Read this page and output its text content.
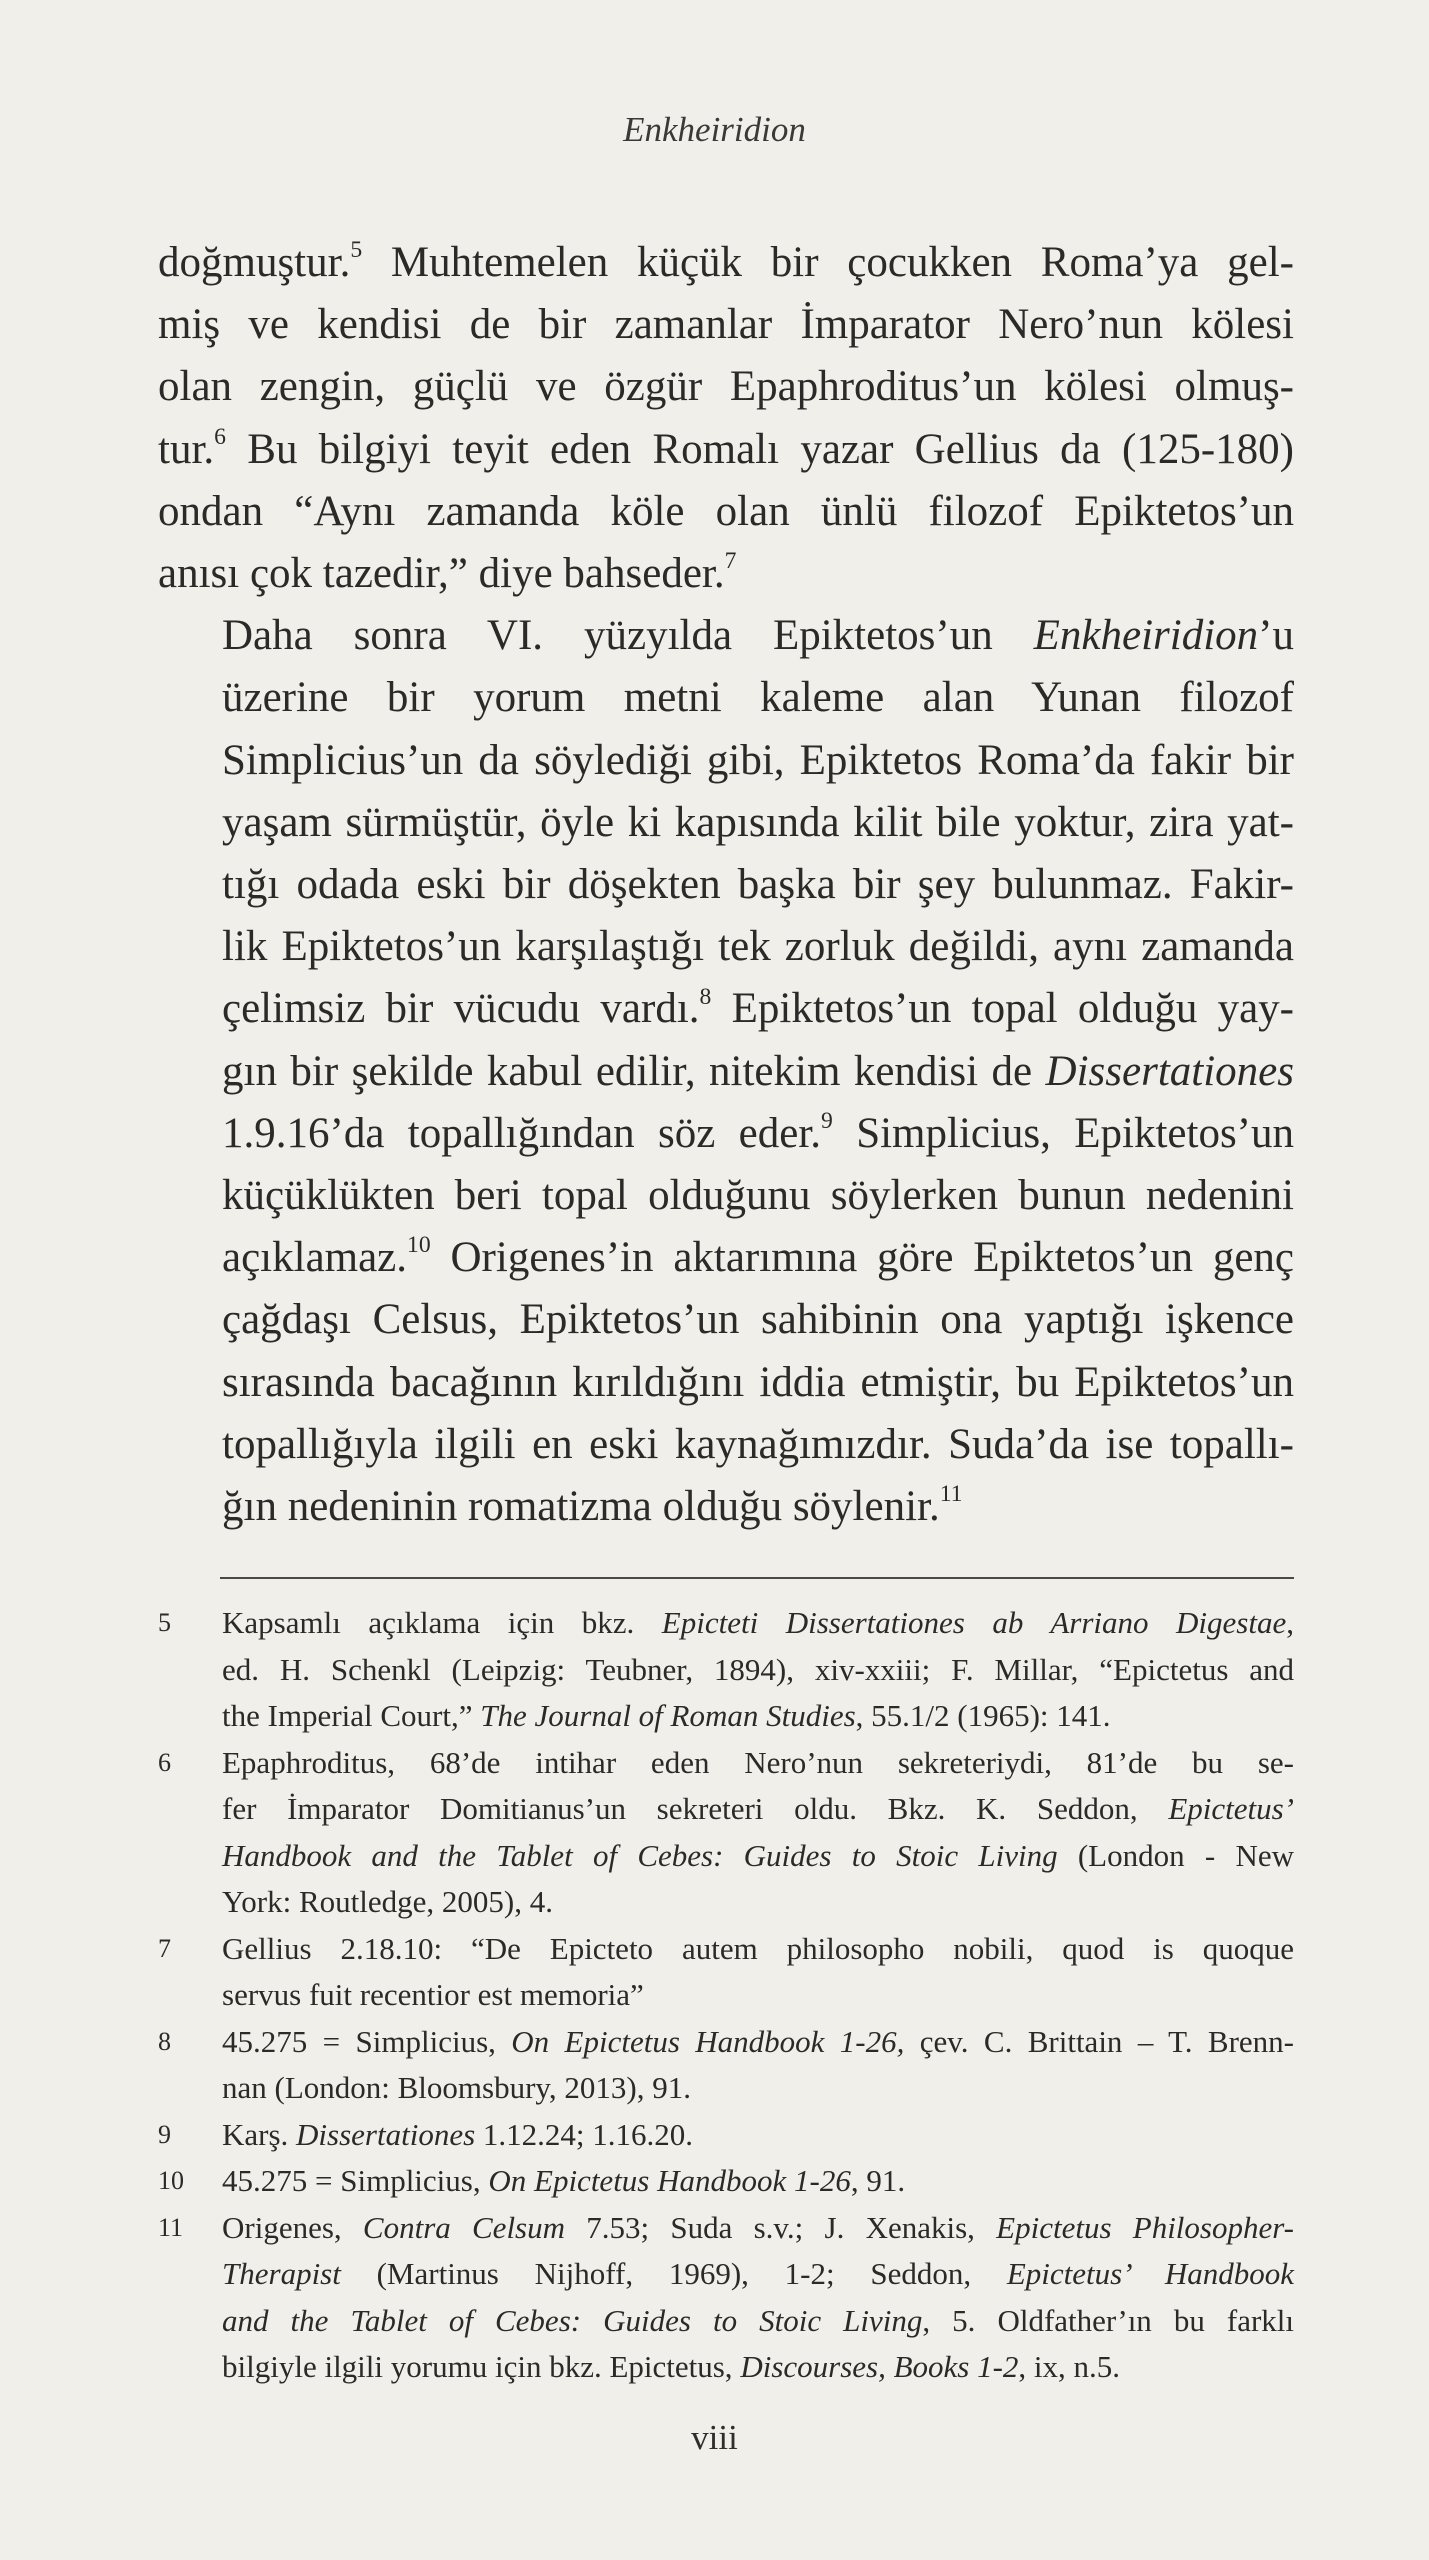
Enkheiridion

doğmuştur.$^5$ Muhtemelen küçük bir çocukken Roma’ya gel-
miş ve kendisi de bir zamanlar İmparator Nero’nun kölesi
olan zengin, güçlü ve özgür Epaphroditus’un kölesi olmuş-
tur.$^6$ Bu bilgiyi teyit eden Romalı yazar Gellius da (125-180)
ondan “Aynı zamanda köle olan ünlü filozof Epiktetos’un
anısı çok tazedir,” diye bahseder.$^7$

Daha sonra VI. yüzyılda Epiktetos’un Enkheiridion’u
üzerine bir yorum metni kaleme alan Yunan filozof
Simplicius’un da söylediği gibi, Epiktetos Roma’da fakir bir
yaşam sürmüştür, öyle ki kapısında kilit bile yoktur, zira yat-
tığı odada eski bir döşekten başka bir şey bulunmaz. Fakir-
lik Epiktetos’un karşılaştığı tek zorluk değildi, aynı zamanda
çelimsiz bir vücudu vardı.$^8$ Epiktetos’un topal olduğu yay-
gın bir şekilde kabul edilir, nitekim kendisi de Dissertationes
1.9.16’da topallığından söz eder.$^9$ Simplicius, Epiktetos’un
küçüklükten beri topal olduğunu söylerken bunun nedenini
açıklamaz.$^{10}$ Origenes’in aktarımına göre Epiktetos’un genç
çağdaşı Celsus, Epiktetos’un sahibinin ona yaptığı işkence
sırasında bacağının kırıldığını iddia etmiştir, bu Epiktetos’un
topallığıyla ilgili en eski kaynağımızdır. Suda’da ise topallı-
ğın nedeninin romatizma olduğu söylenir.$^{11}$

5 Kapsamlı açıklama için bkz. Epicteti Dissertationes ab Arriano Digestae,
ed. H. Schenkl (Leipzig: Teubner, 1894), xiv-xxiii; F. Millar, “Epictetus and
the Imperial Court,” The Journal of Roman Studies, 55.1/2 (1965): 141.
6 Epaphroditus, 68’de intihar eden Nero’nun sekreteriydi, 81’de bu se-
fer İmparator Domitianus’un sekreteri oldu. Bkz. K. Seddon, Epictetus’
Handbook and the Tablet of Cebes: Guides to Stoic Living (London - New
York: Routledge, 2005), 4.
7 Gellius 2.18.10: “De Epicteto autem philosopho nobili, quod is quoque
servus fuit recentior est memoria”
8 45.275 = Simplicius, On Epictetus Handbook 1-26, çev. C. Brittain – T. Brenn-
nan (London: Bloomsbury, 2013), 91.
9 Karş. Dissertationes 1.12.24; 1.16.20.
10 45.275 = Simplicius, On Epictetus Handbook 1-26, 91.
11 Origenes, Contra Celsum 7.53; Suda s.v.; J. Xenakis, Epictetus Philosopher-
Therapist (Martinus Nijhoff, 1969), 1-2; Seddon, Epictetus’ Handbook
and the Tablet of Cebes: Guides to Stoic Living, 5. Oldfather’ın bu farklı
bilgiyle ilgili yorumu için bkz. Epictetus, Discourses, Books 1-2, ix, n.5.
viii
